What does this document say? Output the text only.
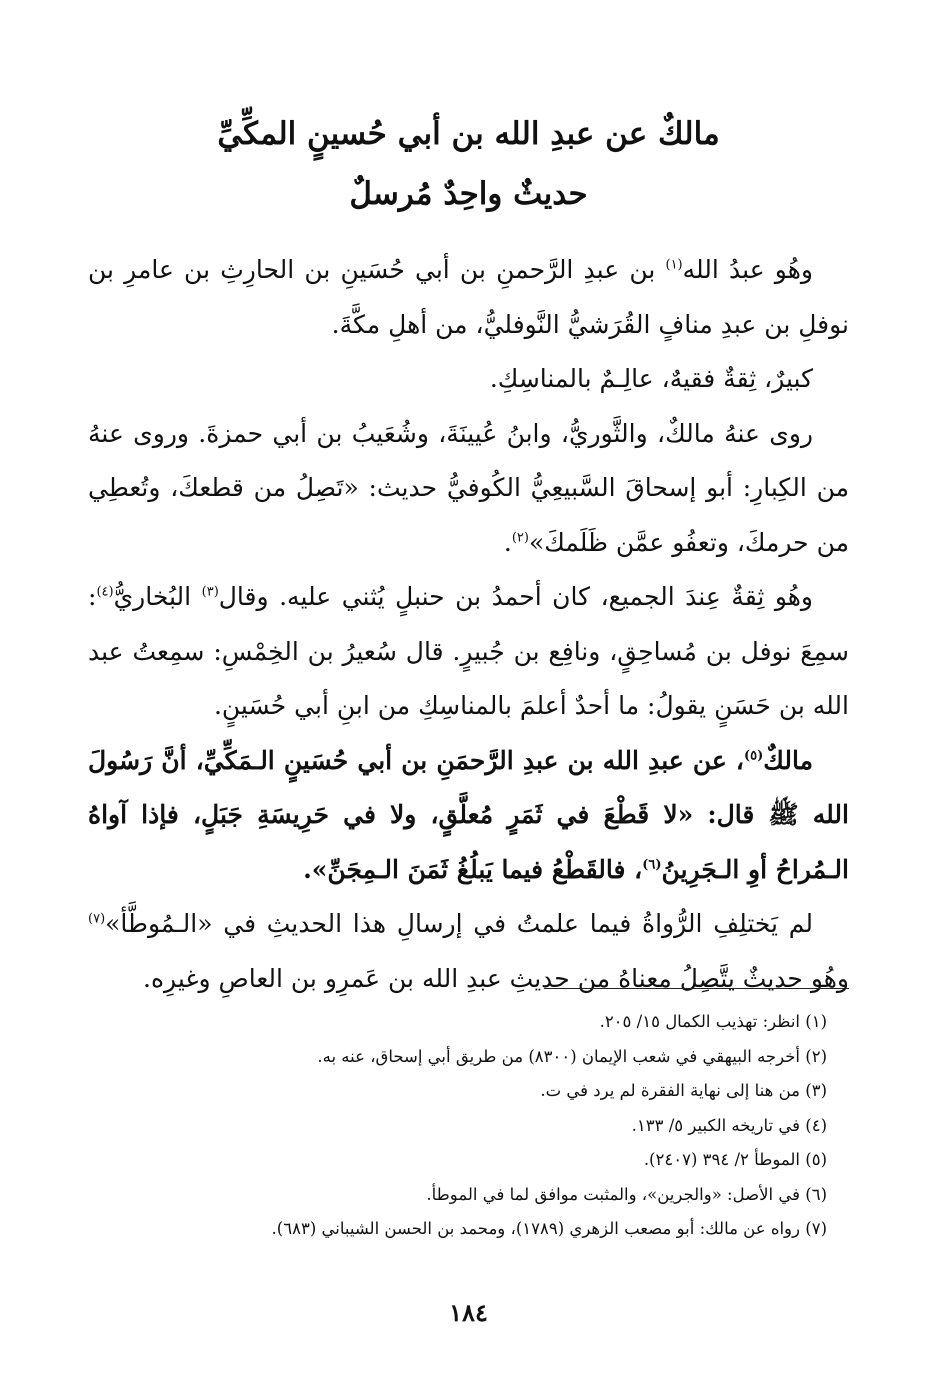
مالكٌ عن عبدِ الله بن أبي حُسينٍ المكِّيِّ
حديثٌ واحِدٌ مُرسلٌ

وهُو عبدُ الله$^{(١)}$ بن عبدِ الرَّحمنِ بن أبي حُسَينِ بن الحارِثِ بن عامرِ بن نوفلِ بن عبدِ منافٍ القُرَشيُّ النَّوفليُّ، من أهلِ مكَّةَ.

كبيرٌ، ثِقةٌ فقيهٌ، عالِـمٌ بالمناسِكِ.

روى عنهُ مالكٌ، والثَّوريُّ، وابنُ عُيينَةَ، وشُعَيبُ بن أبي حمزةَ. وروى عنهُ من الكِبارِ: أبو إسحاقَ السَّبيعِيُّ الكُوفيُّ حديث: «تَصِلُ من قطعكَ، وتُعطِي من حرمكَ، وتعفُو عمَّن ظَلَمكَ»$^{(٢)}$.

وهُو ثِقةٌ عِندَ الجميع، كان أحمدُ بن حنبلٍ يُثني عليه. وقال$^{(٣)}$ البُخاريُّ$^{(٤)}$: سمِعَ نوفل بن مُساحِقٍ، ونافِع بن جُبيرٍ. قال سُعيرُ بن الخِمْسِ: سمِعتُ عبد الله بن حَسَنٍ يقولُ: ما أحدٌ أعلمَ بالمناسِكِ من ابنِ أبي حُسَينٍ.

مالكٌ$^{(٥)}$، عن عبدِ الله بن عبدِ الرَّحمَنِ بن أبي حُسَينٍ الـمَكِّيِّ، أنَّ رَسُولَ الله ﷺ قال: «لا قَطْعَ في ثَمَرٍ مُعلَّقٍ، ولا في حَرِيسَةِ جَبَلٍ، فإذا آواهُ الـمُراحُ أوِ الـجَرِينُ$^{(٦)}$، فالقَطْعُ فيما يَبلُغُ ثَمَنَ الـمِجَنِّ».

لم يَختلِفِ الرُّواةُ فيما علمتُ في إرسالِ هذا الحديثِ في «الـمُوطَّأ»$^{(٧)}$ وهُو حديثٌ يتَّصِلُ معناهُ من حديثِ عبدِ الله بن عَمرِو بن العاصِ وغيرِه.

(١) انظر: تهذيب الكمال ١٥/ ٢٠٥.
(٢) أخرجه البيهقي في شعب الإيمان (٨٣٠٠) من طريق أبي إسحاق، عنه به.
(٣) من هنا إلى نهاية الفقرة لم يرد في ت.
(٤) في تاريخه الكبير ٥/ ١٣٣.
(٥) الموطأ ٢/ ٣٩٤ (٢٤٠٧).
(٦) في الأصل: «والجرين»، والمثبت موافق لما في الموطأ.
(٧) رواه عن مالك: أبو مصعب الزهري (١٧٨٩)، ومحمد بن الحسن الشيباني (٦٨٣).
١٨٤
